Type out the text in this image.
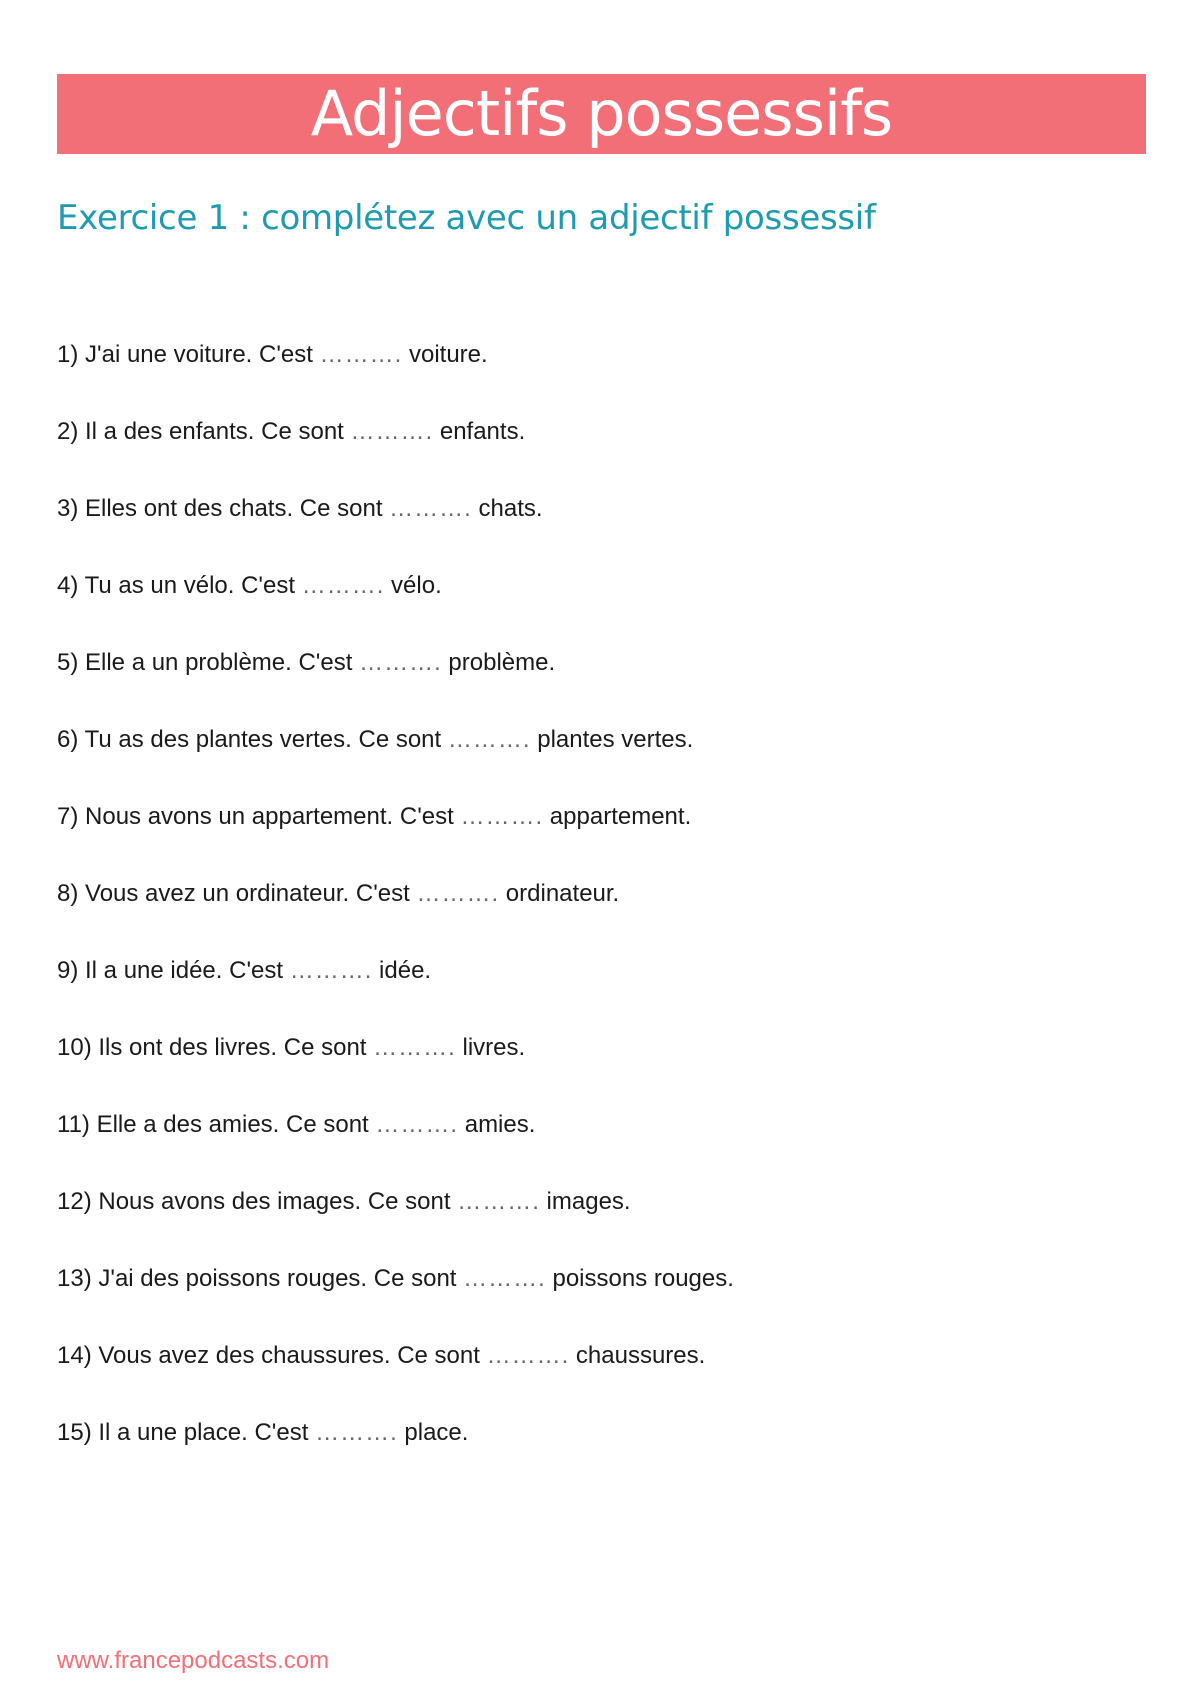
Adjectifs possessifs
Exercice 1 : complétez avec un adjectif possessif
1) J'ai une voiture. C'est ………. voiture.
2) Il a des enfants. Ce sont ………. enfants.
3) Elles ont des chats. Ce sont ………. chats.
4) Tu as un vélo. C'est ………. vélo.
5) Elle a un problème. C'est ………. problème.
6) Tu as des plantes vertes. Ce sont ………. plantes vertes.
7) Nous avons un appartement. C'est ………. appartement.
8) Vous avez un ordinateur. C'est ………. ordinateur.
9) Il a une idée. C'est ………. idée.
10) Ils ont des livres. Ce sont ………. livres.
11) Elle a des amies. Ce sont ………. amies.
12) Nous avons des images. Ce sont ………. images.
13) J'ai des poissons rouges. Ce sont ………. poissons rouges.
14) Vous avez des chaussures. Ce sont ………. chaussures.
15) Il a une place. C'est ………. place.
www.francepodcasts.com
